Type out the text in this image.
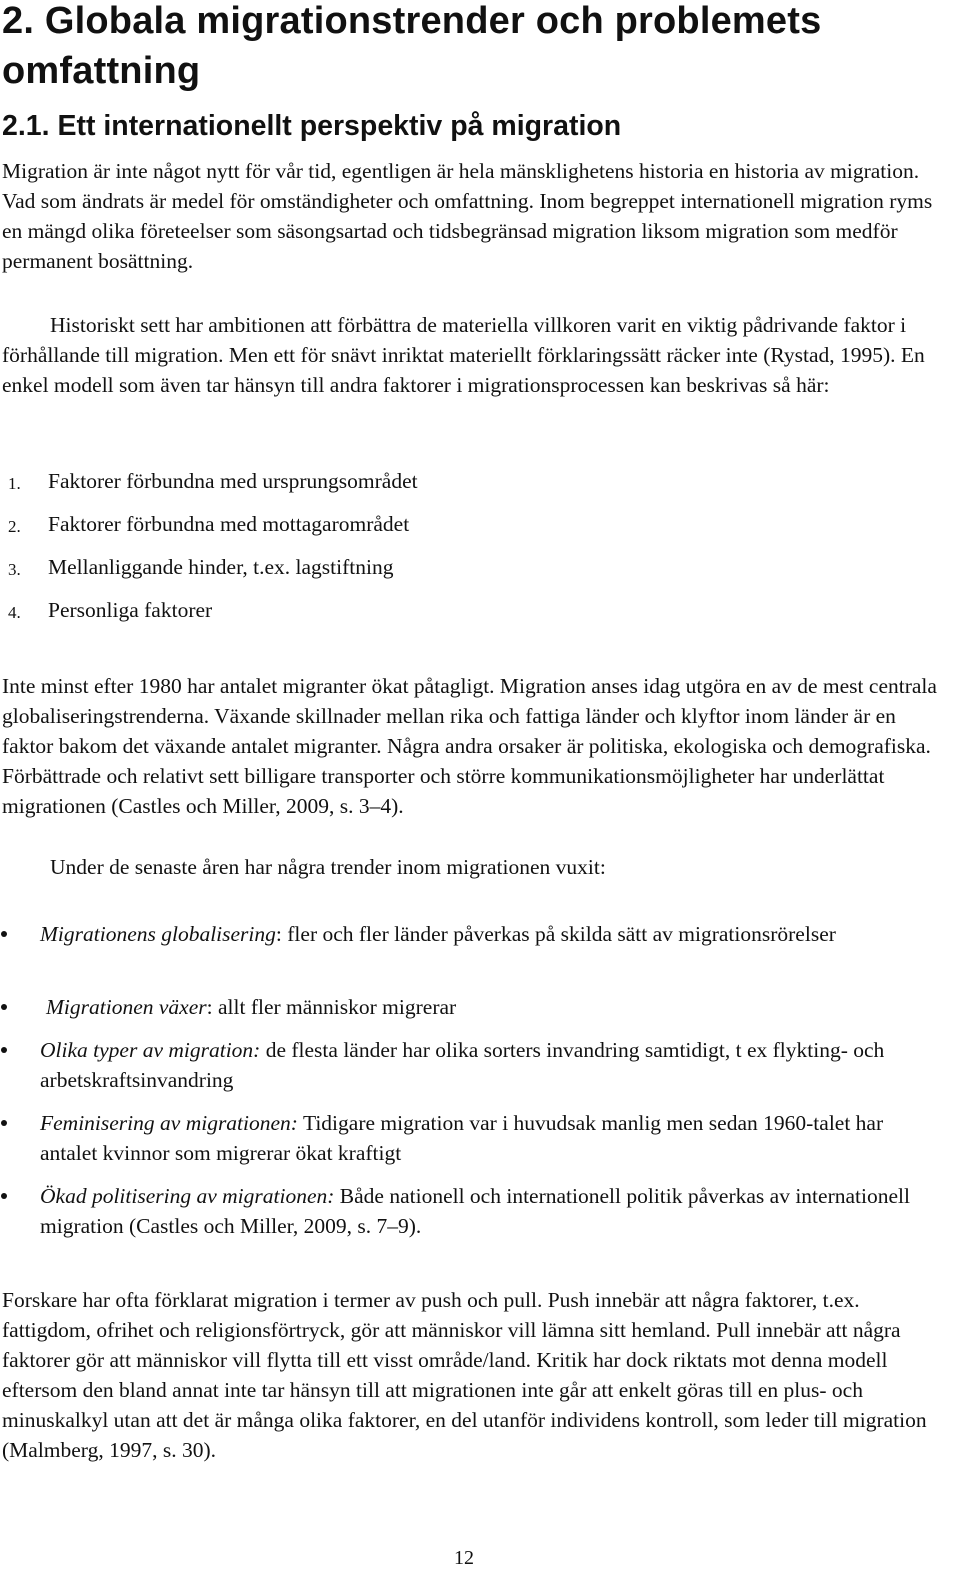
2. Globala migrationstrender och problemets omfattning
2.1. Ett internationellt perspektiv på migration

Migration är inte något nytt för vår tid, egentligen är hela mänsklighetens historia en historia av migration. Vad som ändrats är medel för omständigheter och omfattning. Inom begreppet internationell migration ryms en mängd olika företeelser som säsongsartad och tidsbegränsad migration liksom migration som medför permanent bosättning.

Historiskt sett har ambitionen att förbättra de materiella villkoren varit en viktig pådrivande faktor i förhållande till migration. Men ett för snävt inriktat materiellt förklaringssätt räcker inte (Rystad, 1995). En enkel modell som även tar hänsyn till andra faktorer i migrationsprocessen kan beskrivas så här:

1. Faktorer förbundna med ursprungsområdet
2. Faktorer förbundna med mottagarområdet
3. Mellanliggande hinder, t.ex. lagstiftning
4. Personliga faktorer

Inte minst efter 1980 har antalet migranter ökat påtagligt. Migration anses idag utgöra en av de mest centrala globaliseringstrenderna. Växande skillnader mellan rika och fattiga länder och klyftor inom länder är en faktor bakom det växande antalet migranter. Några andra orsaker är politiska, ekologiska och demografiska. Förbättrade och relativt sett billigare transporter och större kommunikationsmöjligheter har underlättat migrationen (Castles och Miller, 2009, s. 3–4).

Under de senaste åren har några trender inom migrationen vuxit:

Migrationens globalisering: fler och fler länder påverkas på skilda sätt av migrationsrörelser
Migrationen växer: allt fler människor migrerar
Olika typer av migration: de flesta länder har olika sorters invandring samtidigt, t ex flykting- och arbetskraftsinvandring
Feminisering av migrationen: Tidigare migration var i huvudsak manlig men sedan 1960-talet har antalet kvinnor som migrerar ökat kraftigt
Ökad politisering av migrationen: Både nationell och internationell politik påverkas av internationell migration (Castles och Miller, 2009, s. 7–9).

Forskare har ofta förklarat migration i termer av push och pull. Push innebär att några faktorer, t.ex. fattigdom, ofrihet och religionsförtryck, gör att människor vill lämna sitt hemland. Pull innebär att några faktorer gör att människor vill flytta till ett visst område/land. Kritik har dock riktats mot denna modell eftersom den bland annat inte tar hänsyn till att migrationen inte går att enkelt göras till en plus- och minuskalkyl utan att det är många olika faktorer, en del utanför individens kontroll, som leder till migration (Malmberg, 1997, s. 30).

12
